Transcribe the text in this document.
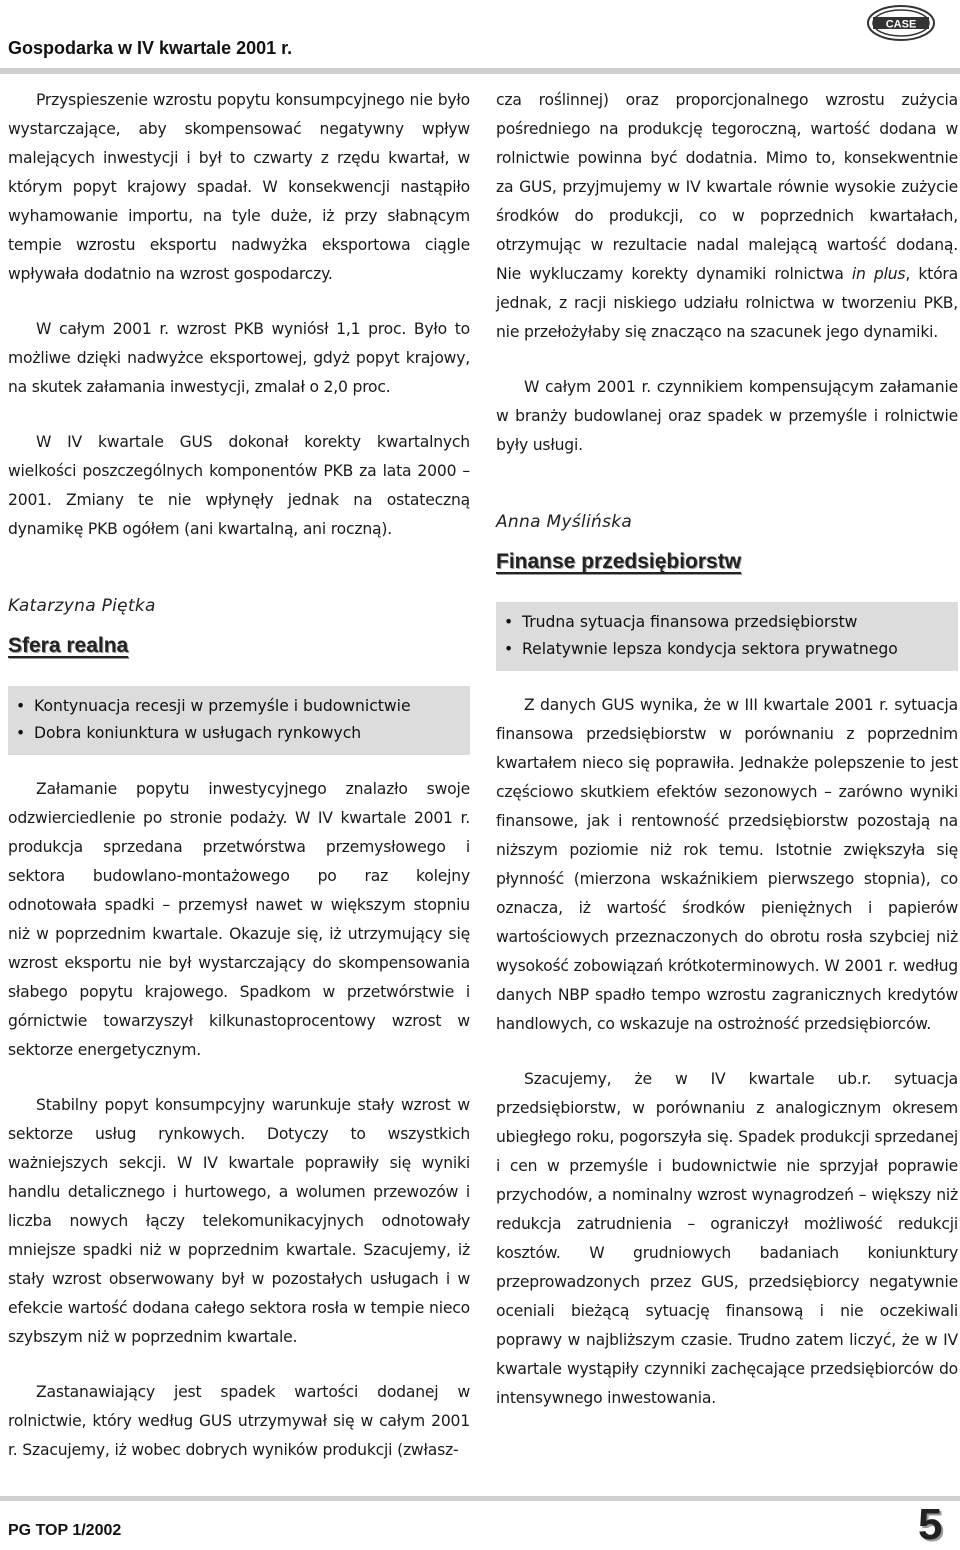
Gospodarka w IV kwartale 2001 r.
CASE

Przyspieszenie wzrostu popytu konsumpcyjnego nie było wystarczające, aby skompensować negatywny wpływ malejących inwestycji i był to czwarty z rzędu kwartał, w którym popyt krajowy spadał. W konsekwencji nastąpiło wyhamowanie importu, na tyle duże, iż przy słabnącym tempie wzrostu eksportu nadwyżka eksportowa ciągle wpływała dodatnio na wzrost gospodarczy.

W całym 2001 r. wzrost PKB wyniósł 1,1 proc. Było to możliwe dzięki nadwyżce eksportowej, gdyż popyt krajowy, na skutek załamania inwestycji, zmalał o 2,0 proc.

W IV kwartale GUS dokonał korekty kwartalnych wielkości poszczególnych komponentów PKB za lata 2000 – 2001. Zmiany te nie wpłynęły jednak na ostateczną dynamikę PKB ogółem (ani kwartalną, ani roczną).

Katarzyna Piętka
Sfera realna
• Kontynuacja recesji w przemyśle i budownictwie
• Dobra koniunktura w usługach rynkowych

Załamanie popytu inwestycyjnego znalazło swoje odzwierciedlenie po stronie podaży. W IV kwartale 2001 r. produkcja sprzedana przetwórstwa przemysłowego i sektora budowlano-montażowego po raz kolejny odnotowała spadki – przemysł nawet w większym stopniu niż w poprzednim kwartale. Okazuje się, iż utrzymujący się wzrost eksportu nie był wystarczający do skompensowania słabego popytu krajowego. Spadkom w przetwórstwie i górnictwie towarzyszył kilkunastoprocentowy wzrost w sektorze energetycznym.

Stabilny popyt konsumpcyjny warunkuje stały wzrost w sektorze usług rynkowych. Dotyczy to wszystkich ważniejszych sekcji. W IV kwartale poprawiły się wyniki handlu detalicznego i hurtowego, a wolumen przewozów i liczba nowych łączy telekomunikacyjnych odnotowały mniejsze spadki niż w poprzednim kwartale. Szacujemy, iż stały wzrost obserwowany był w pozostałych usługach i w efekcie wartość dodana całego sektora rosła w tempie nieco szybszym niż w poprzednim kwartale.

Zastanawiający jest spadek wartości dodanej w rolnictwie, który według GUS utrzymywał się w całym 2001 r. Szacujemy, iż wobec dobrych wyników produkcji (zwłasz-

cza roślinnej) oraz proporcjonalnego wzrostu zużycia pośredniego na produkcję tegoroczną, wartość dodana w rolnictwie powinna być dodatnia. Mimo to, konsekwentnie za GUS, przyjmujemy w IV kwartale równie wysokie zużycie środków do produkcji, co w poprzednich kwartałach, otrzymując w rezultacie nadal malejącą wartość dodaną. Nie wykluczamy korekty dynamiki rolnictwa in plus, która jednak, z racji niskiego udziału rolnictwa w tworzeniu PKB, nie przełożyłaby się znacząco na szacunek jego dynamiki.

W całym 2001 r. czynnikiem kompensującym załamanie w branży budowlanej oraz spadek w przemyśle i rolnictwie były usługi.

Anna Myślińska
Finanse przedsiębiorstw
• Trudna sytuacja finansowa przedsiębiorstw
• Relatywnie lepsza kondycja sektora prywatnego

Z danych GUS wynika, że w III kwartale 2001 r. sytuacja finansowa przedsiębiorstw w porównaniu z poprzednim kwartałem nieco się poprawiła. Jednakże polepszenie to jest częściowo skutkiem efektów sezonowych – zarówno wyniki finansowe, jak i rentowność przedsiębiorstw pozostają na niższym poziomie niż rok temu. Istotnie zwiększyła się płynność (mierzona wskaźnikiem pierwszego stopnia), co oznacza, iż wartość środków pieniężnych i papierów wartościowych przeznaczonych do obrotu rosła szybciej niż wysokość zobowiązań krótkoterminowych. W 2001 r. według danych NBP spadło tempo wzrostu zagranicznych kredytów handlowych, co wskazuje na ostrożność przedsiębiorców.

Szacujemy, że w IV kwartale ub.r. sytuacja przedsiębiorstw, w porównaniu z analogicznym okresem ubiegłego roku, pogorszyła się. Spadek produkcji sprzedanej i cen w przemyśle i budownictwie nie sprzyjał poprawie przychodów, a nominalny wzrost wynagrodzeń – większy niż redukcja zatrudnienia – ograniczył możliwość redukcji kosztów. W grudniowych badaniach koniunktury przeprowadzonych przez GUS, przedsiębiorcy negatywnie oceniali bieżącą sytuację finansową i nie oczekiwali poprawy w najbliższym czasie. Trudno zatem liczyć, że w IV kwartale wystąpiły czynniki zachęcające przedsiębiorców do intensywnego inwestowania.

PG TOP 1/2002	5
